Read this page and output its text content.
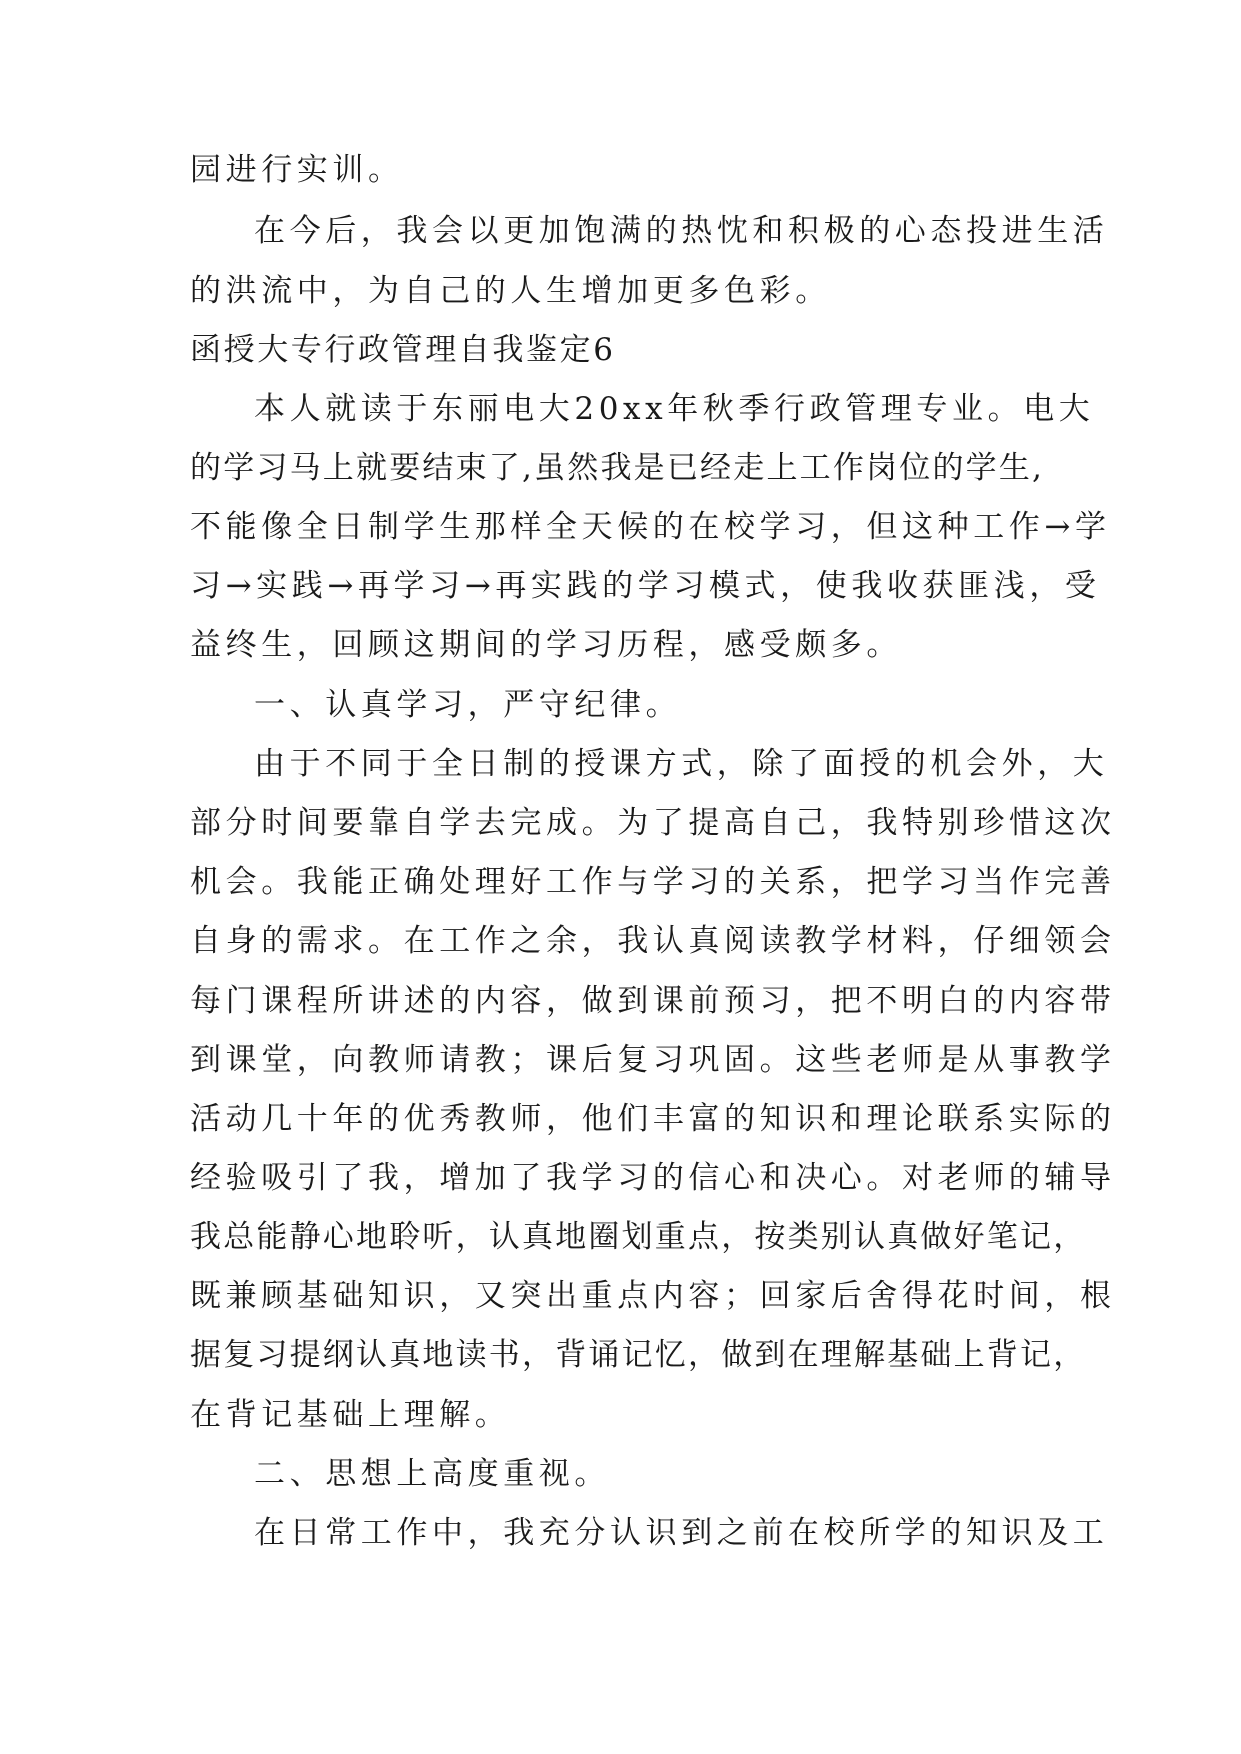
园进行实训。
在今后，我会以更加饱满的热忱和积极的心态投进生活
的洪流中，为自己的人生增加更多色彩。
函授大专行政管理自我鉴定6
本人就读于东丽电大20xx年秋季行政管理专业。电大
的学习马上就要结束了,虽然我是已经走上工作岗位的学生,
不能像全日制学生那样全天候的在校学习，但这种工作→学
习→实践→再学习→再实践的学习模式，使我收获匪浅，受
益终生，回顾这期间的学习历程，感受颇多。
一、认真学习，严守纪律。
由于不同于全日制的授课方式，除了面授的机会外，大
部分时间要靠自学去完成。为了提高自己，我特别珍惜这次
机会。我能正确处理好工作与学习的关系，把学习当作完善
自身的需求。在工作之余，我认真阅读教学材料，仔细领会
每门课程所讲述的内容，做到课前预习，把不明白的内容带
到课堂，向教师请教；课后复习巩固。这些老师是从事教学
活动几十年的优秀教师，他们丰富的知识和理论联系实际的
经验吸引了我，增加了我学习的信心和决心。对老师的辅导
我总能静心地聆听，认真地圈划重点，按类别认真做好笔记，
既兼顾基础知识，又突出重点内容；回家后舍得花时间，根
据复习提纲认真地读书，背诵记忆，做到在理解基础上背记，
在背记基础上理解。
二、思想上高度重视。
在日常工作中，我充分认识到之前在校所学的知识及工
